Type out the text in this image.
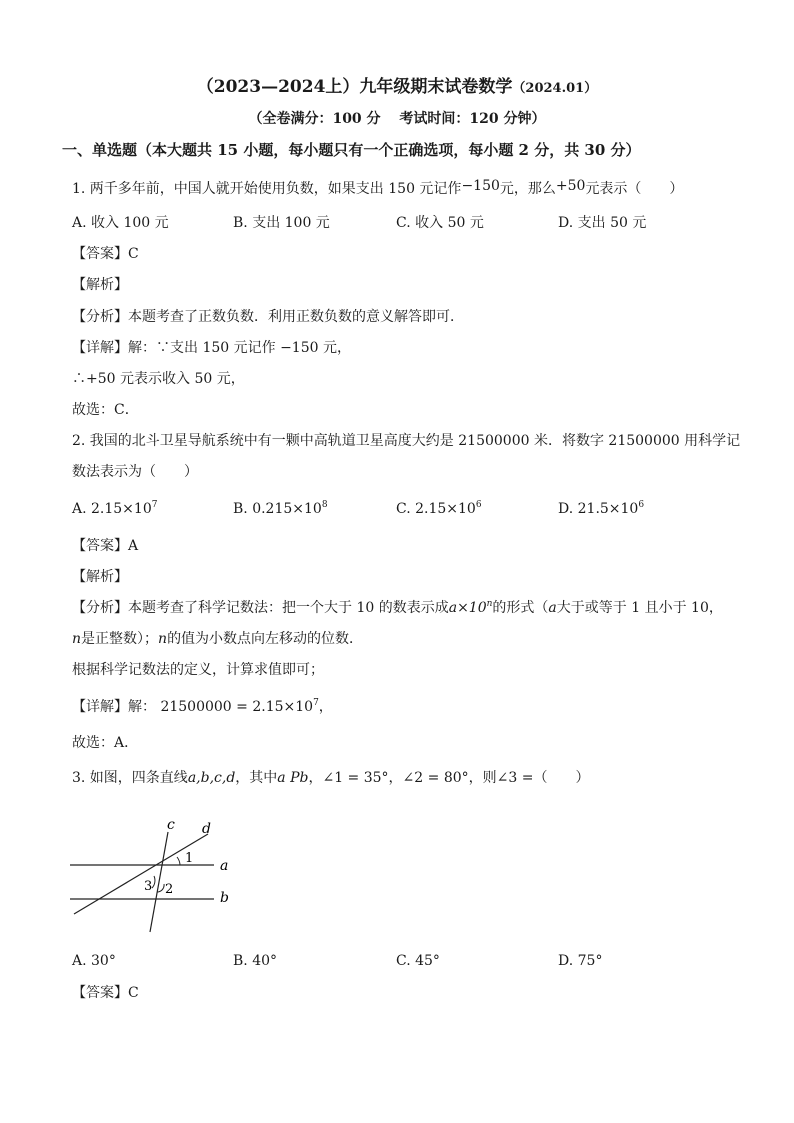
（2023—2024上）九年级期末试卷数学（2024.01）
（全卷满分：100 分　 考试时间：120 分钟）
一、单选题（本大题共 15 小题，每小题只有一个正确选项，每小题 2 分，共 30 分）
1. 两千多年前，中国人就开始使用负数，如果支出 150 元记作−150元，那么+50元表示（　　）
A. 收入 100 元	B. 支出 100 元	C. 收入 50 元	D. 支出 50 元
【答案】C
【解析】
【分析】本题考查了正数负数．利用正数负数的意义解答即可．
【详解】解：∵支出 150 元记作 −150 元，
∴+50 元表示收入 50 元，
故选：C．
2. 我国的北斗卫星导航系统中有一颗中高轨道卫星高度大约是 21500000 米．将数字 21500000 用科学记
数法表示为（　　）
A. $2.15\times 10^7$	B. $0.215\times 10^8$	C. $2.15\times 10^6$	D. $21.5\times 10^6$
【答案】A
【解析】
【分析】本题考查了科学记数法：把一个大于 10 的数表示成$a\times 10^n$的形式（a大于或等于 1 且小于 10，
n是正整数）；n的值为小数点向左移动的位数．
根据科学记数法的定义，计算求值即可；
【详解】解： $21500000 = 2.15\times 10^7$，
故选：A．
3. 如图，四条直线a,b,c,d，其中a Pb，∠1 = 35°，∠2 = 80°，则∠3 =（　　）
c d
a
b
1
2
3
A. 30°	B. 40°	C. 45°	D. 75°
【答案】C
